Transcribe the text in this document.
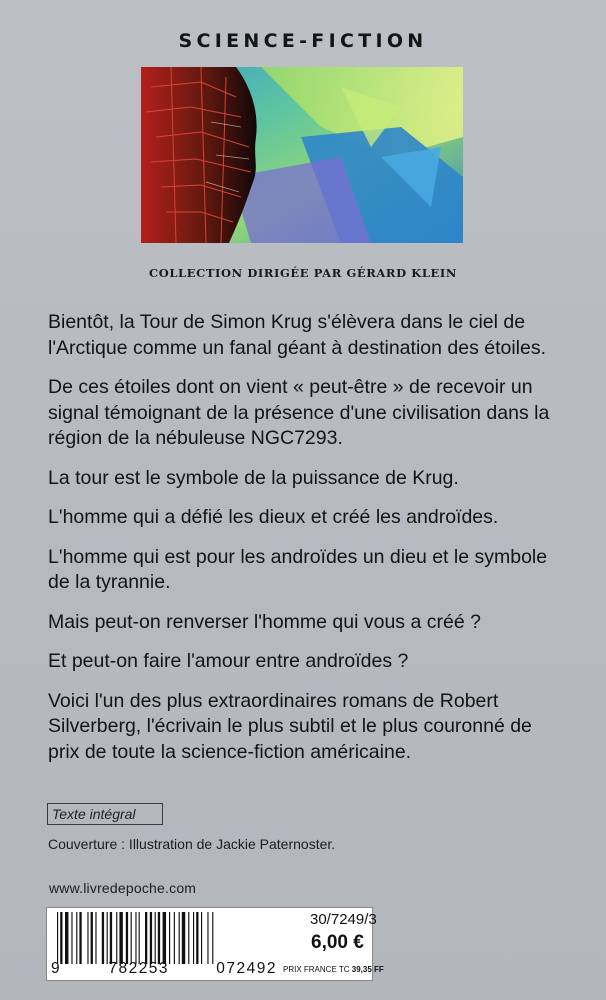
SCIENCE-FICTION
COLLECTION DIRIGÉE PAR GÉRARD KLEIN

Bientôt, la Tour de Simon Krug s'élèvera dans le ciel de l'Arctique comme un fanal géant à destination des étoiles.

De ces étoiles dont on vient « peut-être » de recevoir un signal témoignant de la présence d'une civilisation dans la région de la nébuleuse NGC7293.

La tour est le symbole de la puissance de Krug.

L'homme qui a défié les dieux et créé les androïdes.

L'homme qui est pour les androïdes un dieu et le symbole de la tyrannie.

Mais peut-on renverser l'homme qui vous a créé ?

Et peut-on faire l'amour entre androïdes ?

Voici l'un des plus extraordinaires romans de Robert Silverberg, l'écrivain le plus subtil et le plus couronné de prix de toute la science-fiction américaine.

Texte intégral
Couverture : Illustration de Jackie Paternoster.
www.livredepoche.com
9	782253	072492
30/7249/3
6,00 €
PRIX FRANCE TC 39,35 FF
